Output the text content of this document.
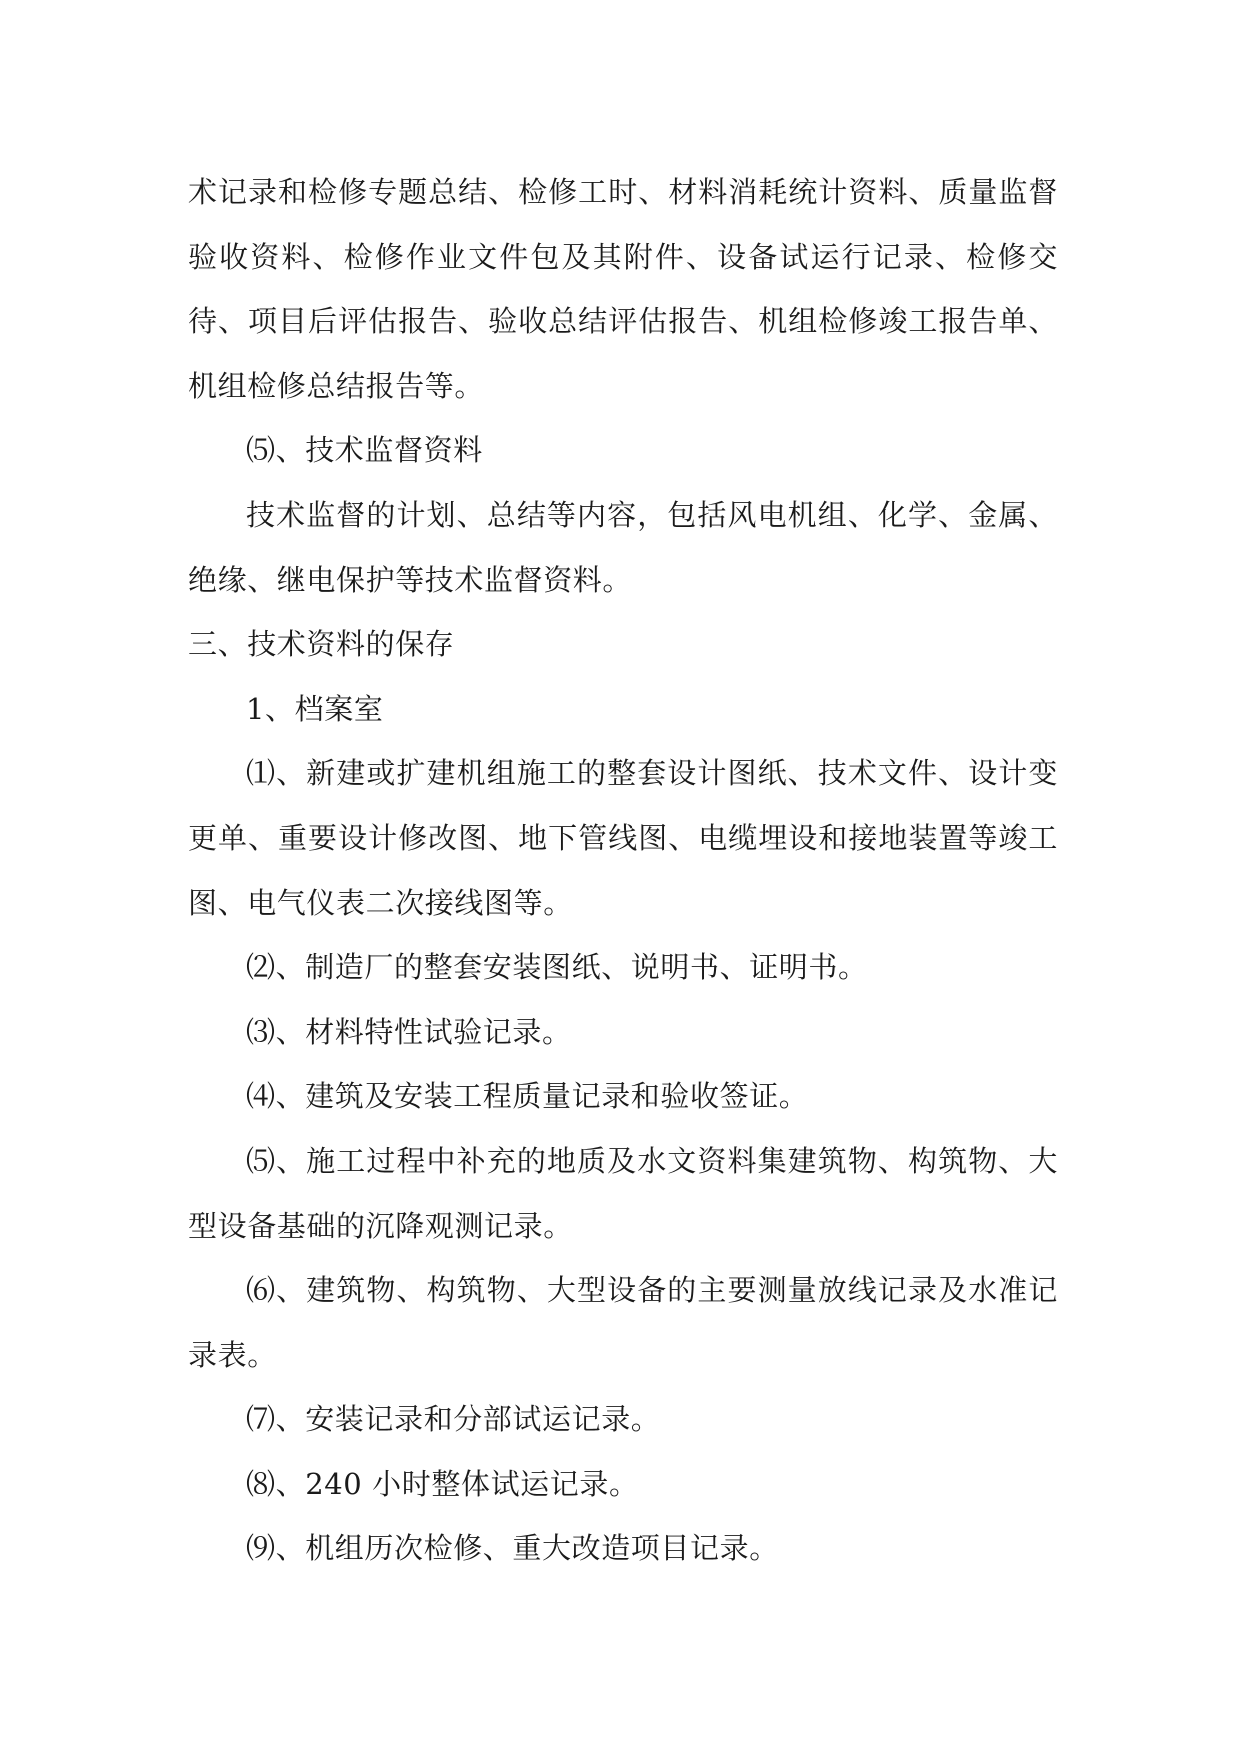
术记录和检修专题总结、检修工时、材料消耗统计资料、质量监督验收资料、检修作业文件包及其附件、设备试运行记录、检修交待、项目后评估报告、验收总结评估报告、机组检修竣工报告单、机组检修总结报告等。

⑸、技术监督资料

技术监督的计划、总结等内容，包括风电机组、化学、金属、绝缘、继电保护等技术监督资料。

三、技术资料的保存

1、档案室

⑴、新建或扩建机组施工的整套设计图纸、技术文件、设计变更单、重要设计修改图、地下管线图、电缆埋设和接地装置等竣工图、电气仪表二次接线图等。

⑵、制造厂的整套安装图纸、说明书、证明书。

⑶、材料特性试验记录。

⑷、建筑及安装工程质量记录和验收签证。

⑸、施工过程中补充的地质及水文资料集建筑物、构筑物、大型设备基础的沉降观测记录。

⑹、建筑物、构筑物、大型设备的主要测量放线记录及水准记录表。

⑺、安装记录和分部试运记录。

⑻、240 小时整体试运记录。

⑼、机组历次检修、重大改造项目记录。
